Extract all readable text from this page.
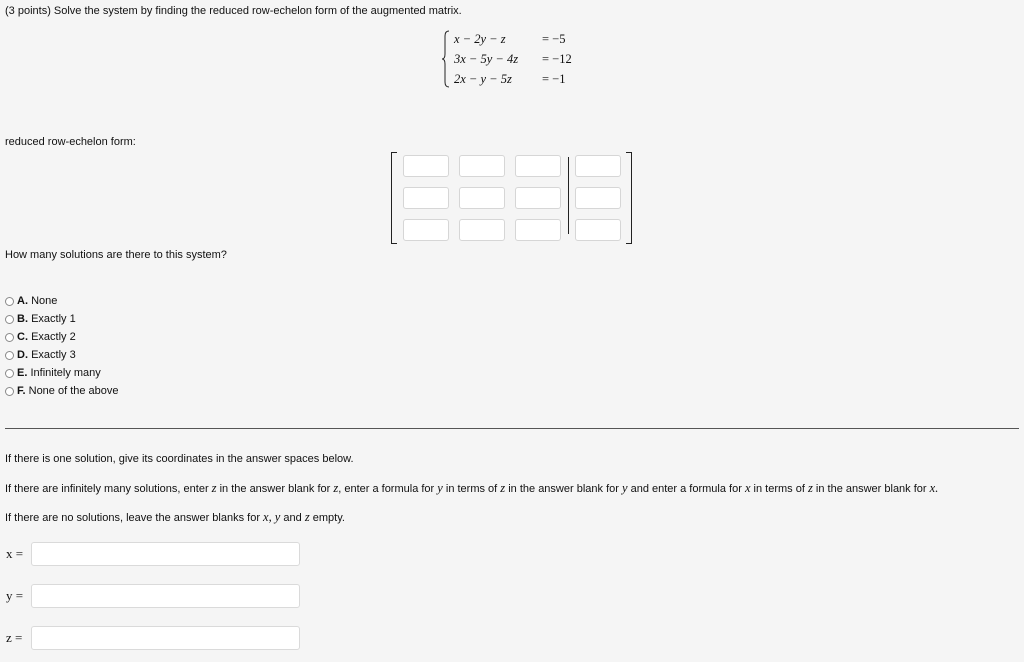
(3 points) Solve the system by finding the reduced row-echelon form of the augmented matrix.
x − 2y − z	= −5
3x − 5y − 4z = −12
2x − y − 5z = −1
reduced row-echelon form:
How many solutions are there to this system?
A.
None
B.
Exactly 1
C.
Exactly 2
D.
Exactly 3
E.
Infinitely many
F.
None of the above
If there is one solution, give its coordinates in the answer spaces below.
If there are infinitely many solutions, enter z in the answer blank for z, enter a formula for y in terms of z in the answer blank for y and enter a formula for x in terms of z in the answer blank for x.
If there are no solutions, leave the answer blanks for x, y and z empty.
x =
y =
z =
